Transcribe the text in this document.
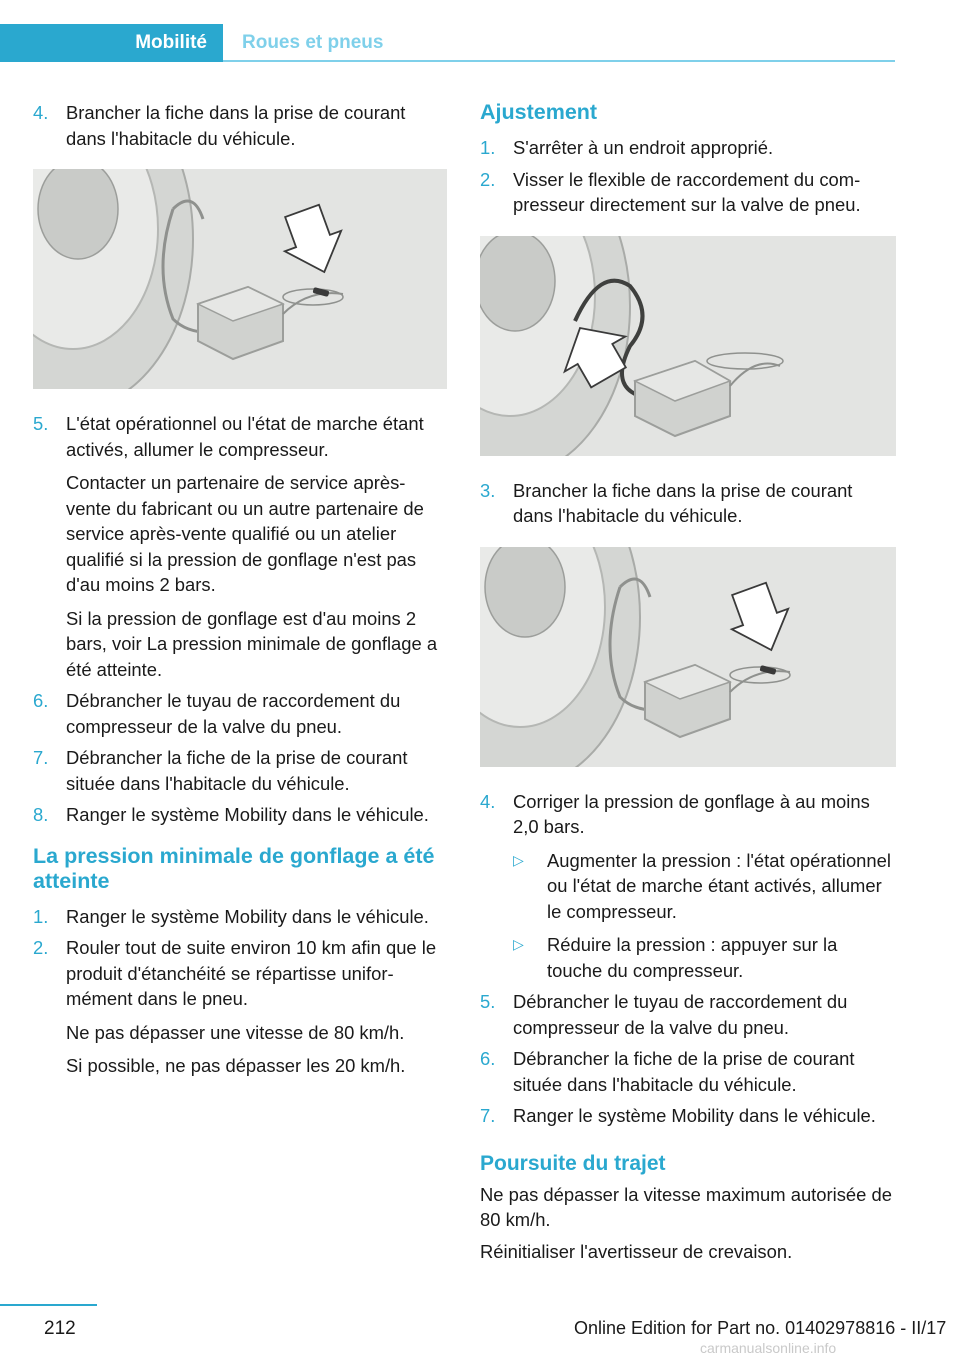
Mobilité	Roues et pneus
4. Brancher la fiche dans la prise de courant dans l'habitacle du véhicule.
5. L'état opérationnel ou l'état de marche étant activés, allumer le compresseur.

Contacter un partenaire de service après-vente du fabricant ou un autre partenaire de service après-vente qualifié ou un atelier qualifié si la pression de gonflage n'est pas d'au moins 2 bars.

Si la pression de gonflage est d'au moins 2 bars, voir La pression minimale de gonflage a été atteinte.

6. Débrancher le tuyau de raccordement du compresseur de la valve du pneu.
7. Débrancher la fiche de la prise de courant située dans l'habitacle du véhicule.
8. Ranger le système Mobility dans le véhicule.
La pression minimale de gonflage a été atteinte
1. Ranger le système Mobility dans le véhicule.
2. Rouler tout de suite environ 10 km afin que le produit d'étanchéité se répartisse uniformément dans le pneu.

Ne pas dépasser une vitesse de 80 km/h.

Si possible, ne pas dépasser les 20 km/h.

Ajustement
1. S'arrêter à un endroit approprié.
2. Visser le flexible de raccordement du compresseur directement sur la valve de pneu.
3. Brancher la fiche dans la prise de courant dans l'habitacle du véhicule.
4. Corriger la pression de gonflage à au moins 2,0 bars.
▷ Augmenter la pression : l'état opérationnel ou l'état de marche étant activés, allumer le compresseur.
▷ Réduire la pression : appuyer sur la touche du compresseur.
5. Débrancher le tuyau de raccordement du compresseur de la valve du pneu.
6. Débrancher la fiche de la prise de courant située dans l'habitacle du véhicule.
7. Ranger le système Mobility dans le véhicule.
Poursuite du trajet

Ne pas dépasser la vitesse maximum autorisée de 80 km/h.

Réinitialiser l'avertisseur de crevaison.

212	Online Edition for Part no. 01402978816 - II/17
carmanualsonline.info
